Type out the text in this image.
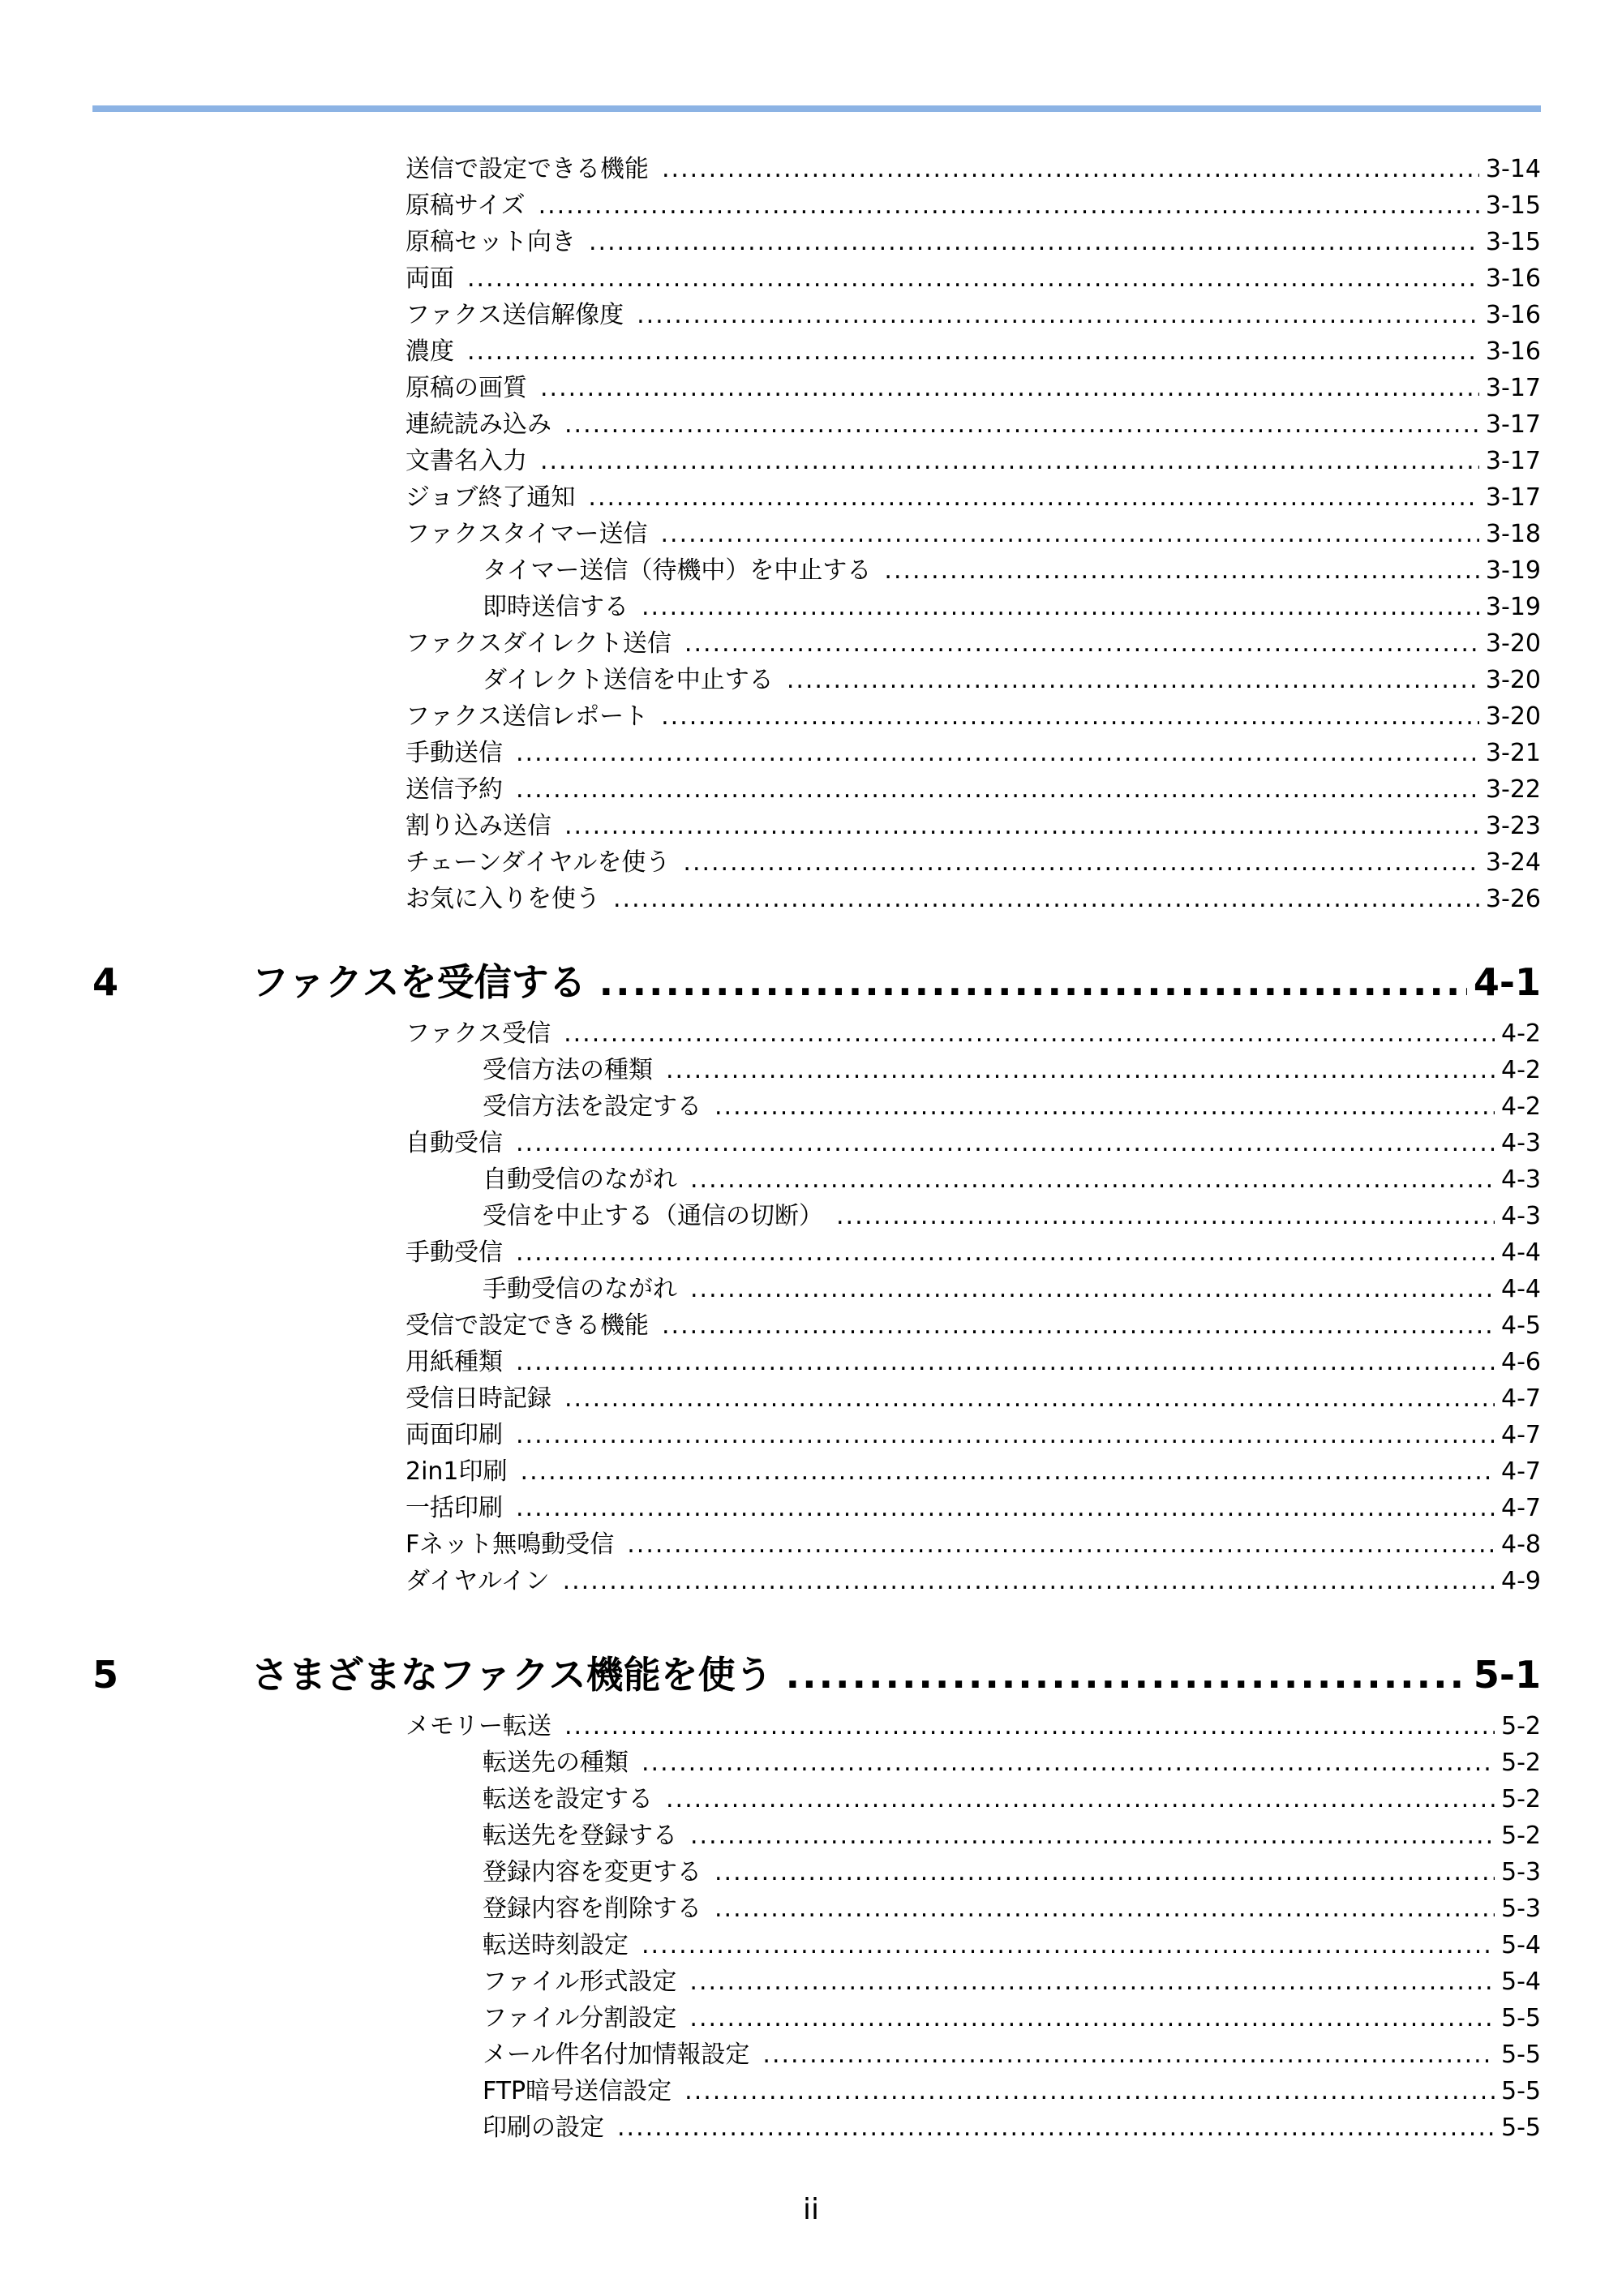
送信で設定できる機能 .....	3-14
原稿サイズ .....	3-15
原稿セット向き .....	3-15
両面 .....	3-16
ファクス送信解像度 .....	3-16
濃度 .....	3-16
原稿の画質 .....	3-17
連続読み込み .....	3-17
文書名入力 .....	3-17
ジョブ終了通知 .....	3-17
ファクスタイマー送信 .....	3-18
タイマー送信（待機中）を中止する .....	3-19
即時送信する .....	3-19
ファクスダイレクト送信 .....	3-20
ダイレクト送信を中止する .....	3-20
ファクス送信レポート .....	3-20
手動送信 .....	3-21
送信予約 .....	3-22
割り込み送信 .....	3-23
チェーンダイヤルを使う .....	3-24
お気に入りを使う .....	3-26
4	ファクスを受信する .....	4-1
ファクス受信 .....	4-2
受信方法の種類 .....	4-2
受信方法を設定する .....	4-2
自動受信 .....	4-3
自動受信のながれ .....	4-3
受信を中止する（通信の切断） .....	4-3
手動受信 .....	4-4
手動受信のながれ .....	4-4
受信で設定できる機能 .....	4-5
用紙種類 .....	4-6
受信日時記録 .....	4-7
両面印刷 .....	4-7
2in1印刷 .....	4-7
一括印刷 .....	4-7
Fネット無鳴動受信 .....	4-8
ダイヤルイン .....	4-9
5	さまざまなファクス機能を使う .....	5-1
メモリー転送 .....	5-2
転送先の種類 .....	5-2
転送を設定する .....	5-2
転送先を登録する .....	5-2
登録内容を変更する .....	5-3
登録内容を削除する .....	5-3
転送時刻設定 .....	5-4
ファイル形式設定 .....	5-4
ファイル分割設定 .....	5-5
メール件名付加情報設定 .....	5-5
FTP暗号送信設定 .....	5-5
印刷の設定 .....	5-5
ii
